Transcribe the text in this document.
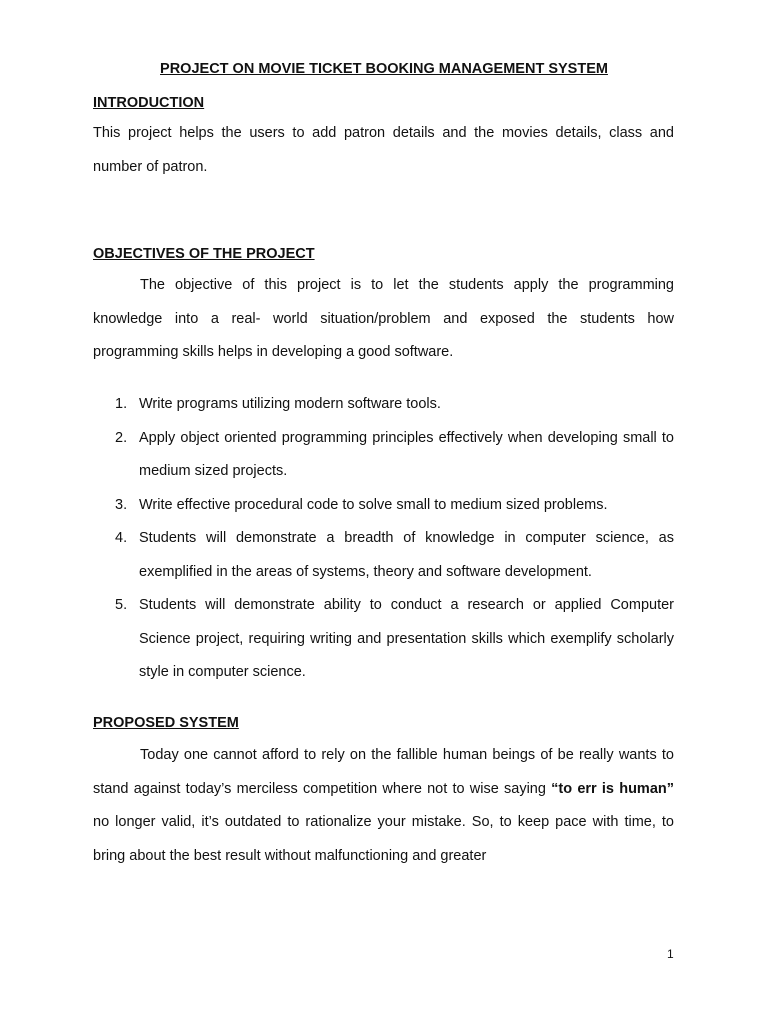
PROJECT ON MOVIE TICKET BOOKING MANAGEMENT SYSTEM
INTRODUCTION

This project helps the users to add patron details and the movies details, class and number of patron.

OBJECTIVES OF THE PROJECT

The objective of this project is to let the students apply the programming knowledge into a real- world situation/problem and exposed the students how programming skills helps in developing a good software.

1. Write programs utilizing modern software tools.
2. Apply object oriented programming principles effectively when developing small to medium sized projects.
3. Write effective procedural code to solve small to medium sized problems.
4. Students will demonstrate a breadth of knowledge in computer science, as exemplified in the areas of systems, theory and software development.
5. Students will demonstrate ability to conduct a research or applied Computer Science project, requiring writing and presentation skills which exemplify scholarly style in computer science.
PROPOSED SYSTEM

Today one cannot afford to rely on the fallible human beings of be really wants to stand against today’s merciless competition where not to wise saying “to err is human” no longer valid, it’s outdated to rationalize your mistake. So, to keep pace with time, to bring about the best result without malfunctioning and greater

1
